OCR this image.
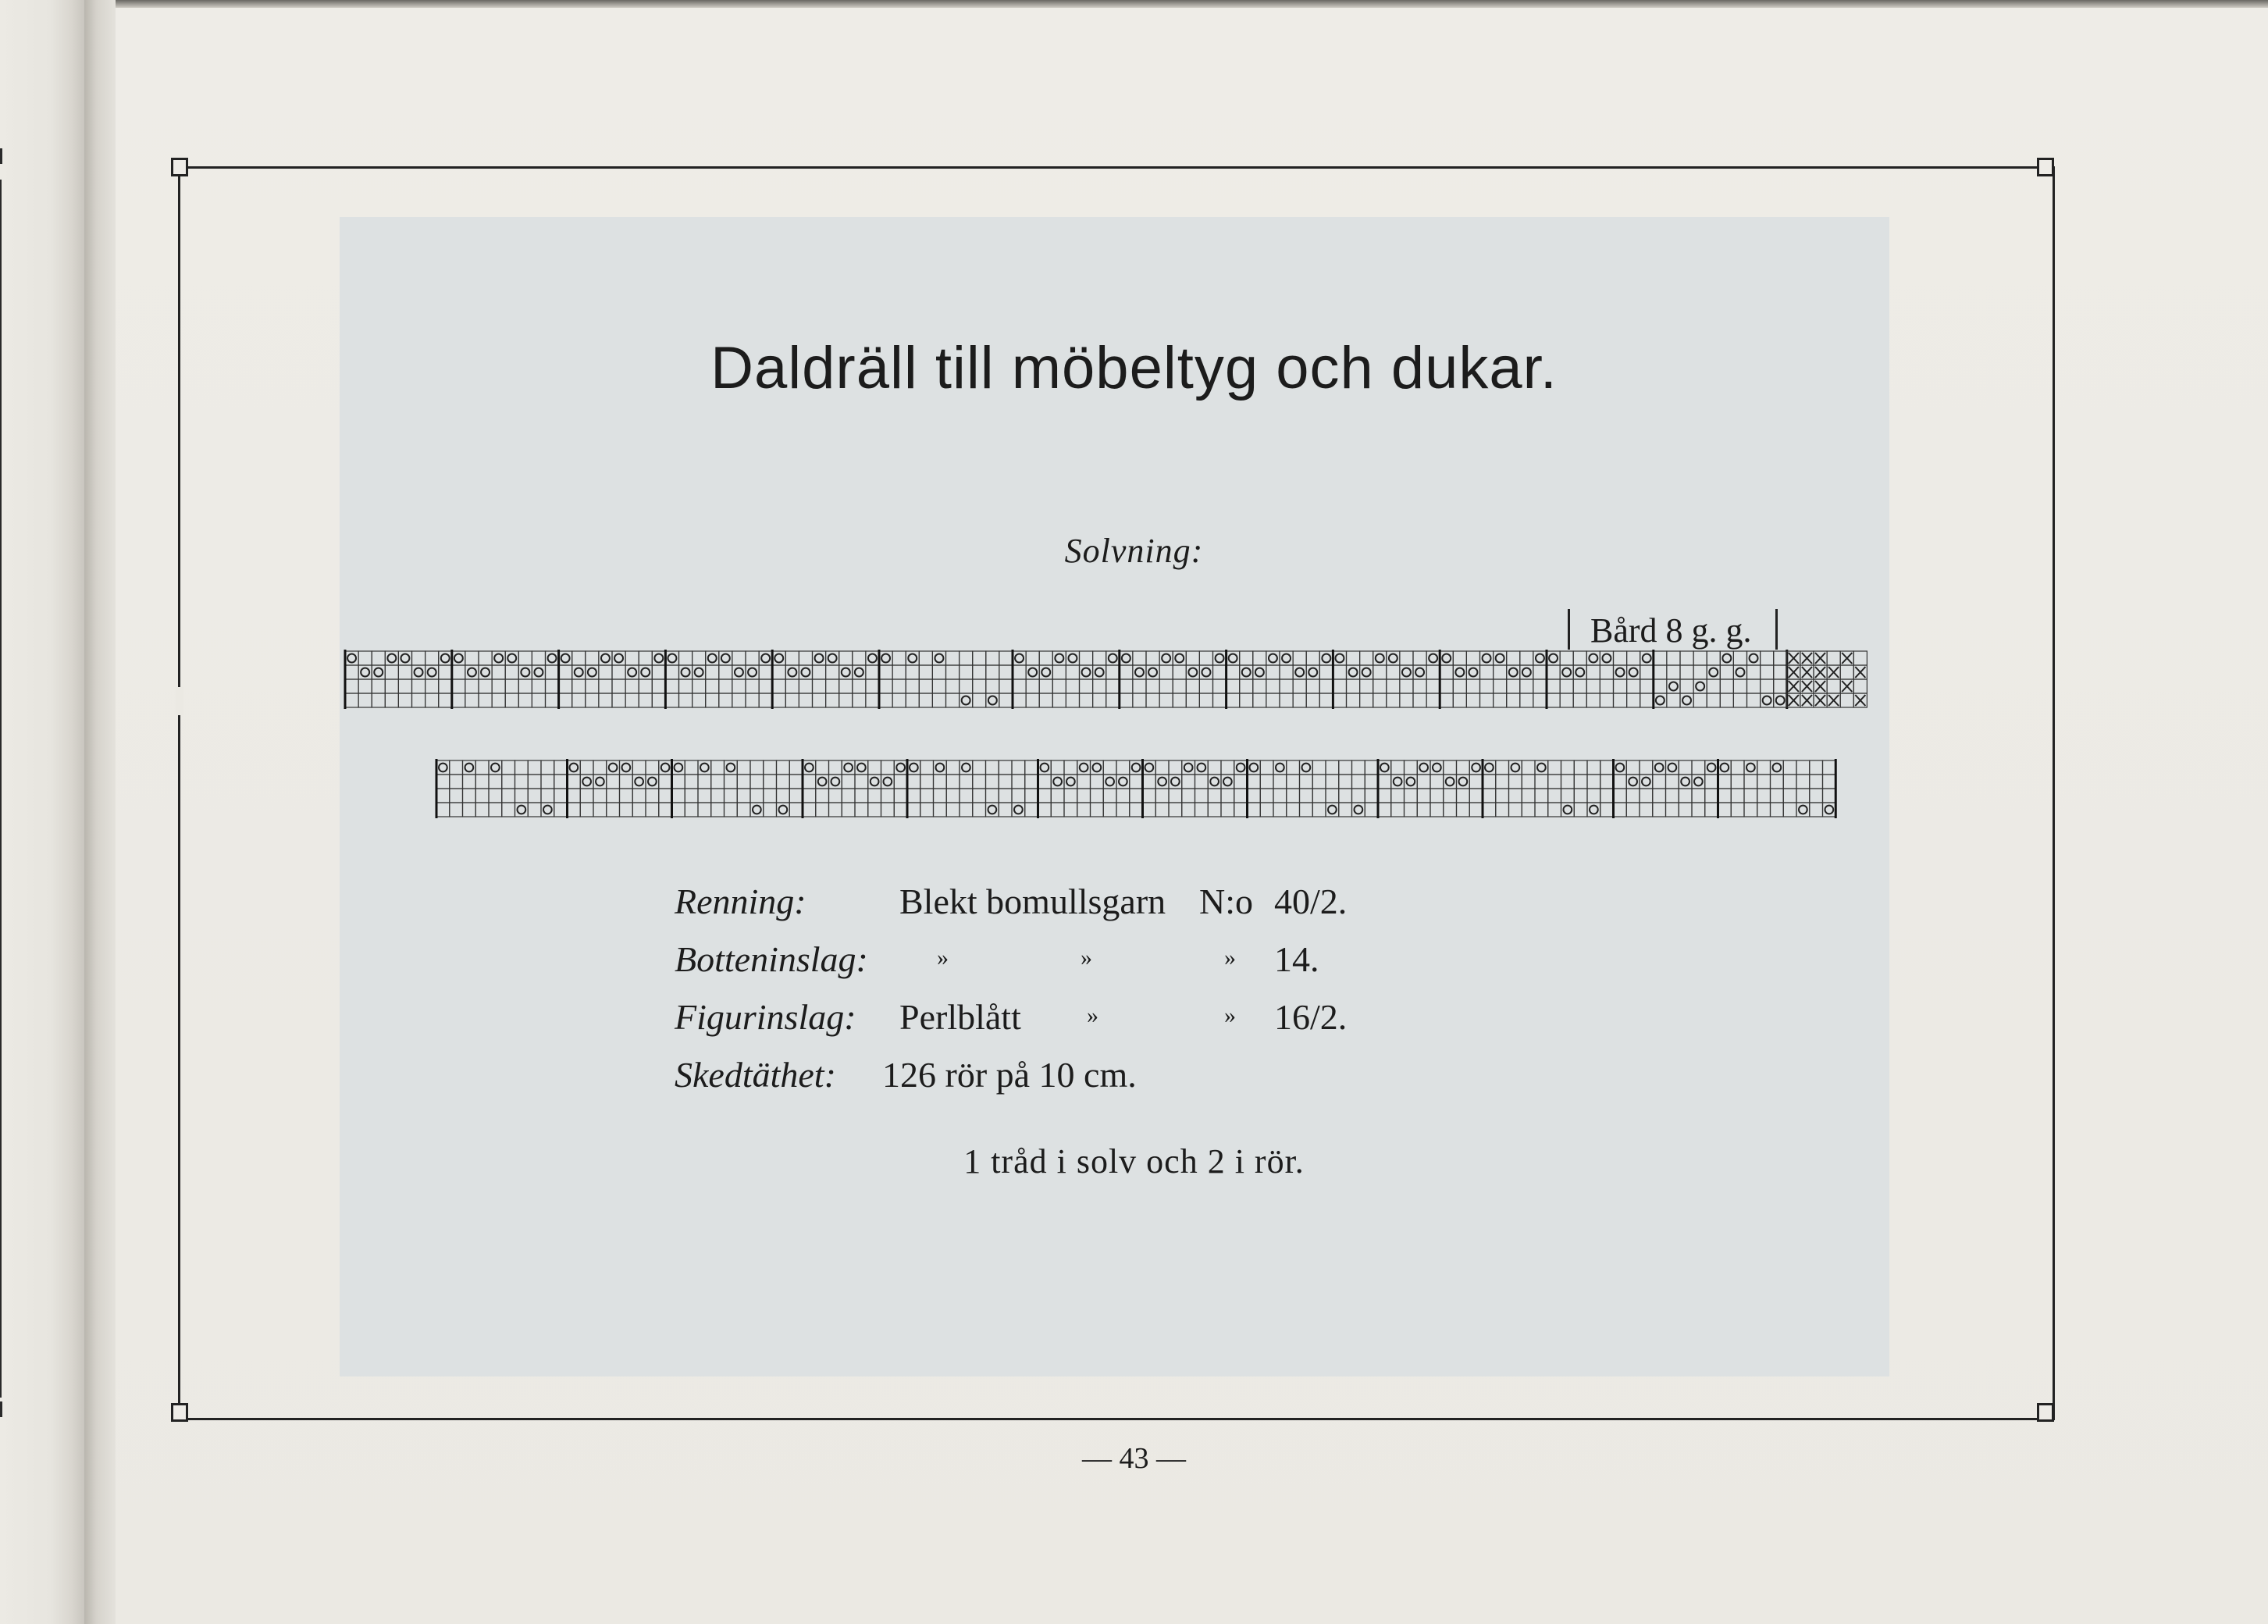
Daldräll till möbeltyg och dukar.
Solvning:
Bård 8 g. g.
Renning:	Blekt bomullsgarn N:o 40/2.
Botteninslag:	»	»	» 14.
Figurinslag: Perlblått	»	» 16/2.
Skedtäthet: 126 rör på 10 cm.
1 tråd i solv och 2 i rör.
— 43 —
